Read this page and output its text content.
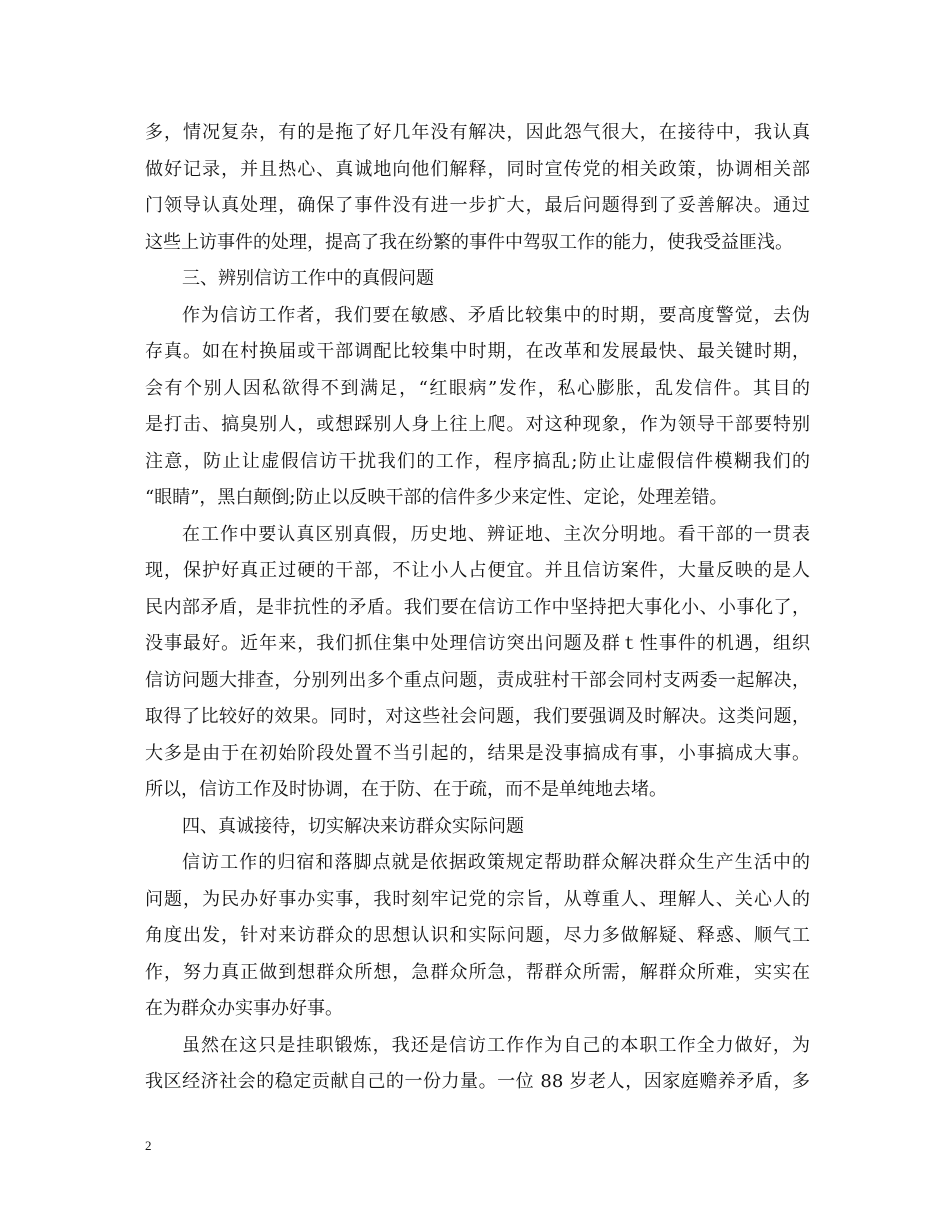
多，情况复杂，有的是拖了好几年没有解决，因此怨气很大，在接待中，我认真
做好记录，并且热心、真诚地向他们解释，同时宣传党的相关政策，协调相关部
门领导认真处理，确保了事件没有进一步扩大，最后问题得到了妥善解决。通过
这些上访事件的处理，提高了我在纷繁的事件中驾驭工作的能力，使我受益匪浅。
三、辨别信访工作中的真假问题
作为信访工作者，我们要在敏感、矛盾比较集中的时期，要高度警觉，去伪
存真。如在村换届或干部调配比较集中时期，在改革和发展最快、最关键时期，
会有个别人因私欲得不到满足，“红眼病”发作，私心膨胀，乱发信件。其目的
是打击、搞臭别人，或想踩别人身上往上爬。对这种现象，作为领导干部要特别
注意，防止让虚假信访干扰我们的工作，程序搞乱;防止让虚假信件模糊我们的
“眼睛”，黑白颠倒;防止以反映干部的信件多少来定性、定论，处理差错。
在工作中要认真区别真假，历史地、辨证地、主次分明地。看干部的一贯表
现，保护好真正过硬的干部，不让小人占便宜。并且信访案件，大量反映的是人
民内部矛盾，是非抗性的矛盾。我们要在信访工作中坚持把大事化小、小事化了，
没事最好。近年来，我们抓住集中处理信访突出问题及群ｔ性事件的机遇，组织
信访问题大排查，分别列出多个重点问题，责成驻村干部会同村支两委一起解决，
取得了比较好的效果。同时，对这些社会问题，我们要强调及时解决。这类问题，
大多是由于在初始阶段处置不当引起的，结果是没事搞成有事，小事搞成大事。
所以，信访工作及时协调，在于防、在于疏，而不是单纯地去堵。
四、真诚接待，切实解决来访群众实际问题
信访工作的归宿和落脚点就是依据政策规定帮助群众解决群众生产生活中的
问题，为民办好事办实事，我时刻牢记党的宗旨，从尊重人、理解人、关心人的
角度出发，针对来访群众的思想认识和实际问题，尽力多做解疑、释惑、顺气工
作，努力真正做到想群众所想，急群众所急，帮群众所需，解群众所难，实实在
在为群众办实事办好事。
虽然在这只是挂职锻炼，我还是信访工作作为自己的本职工作全力做好，为
我区经济社会的稳定贡献自己的一份力量。一位 88 岁老人，因家庭赡养矛盾，多
2
